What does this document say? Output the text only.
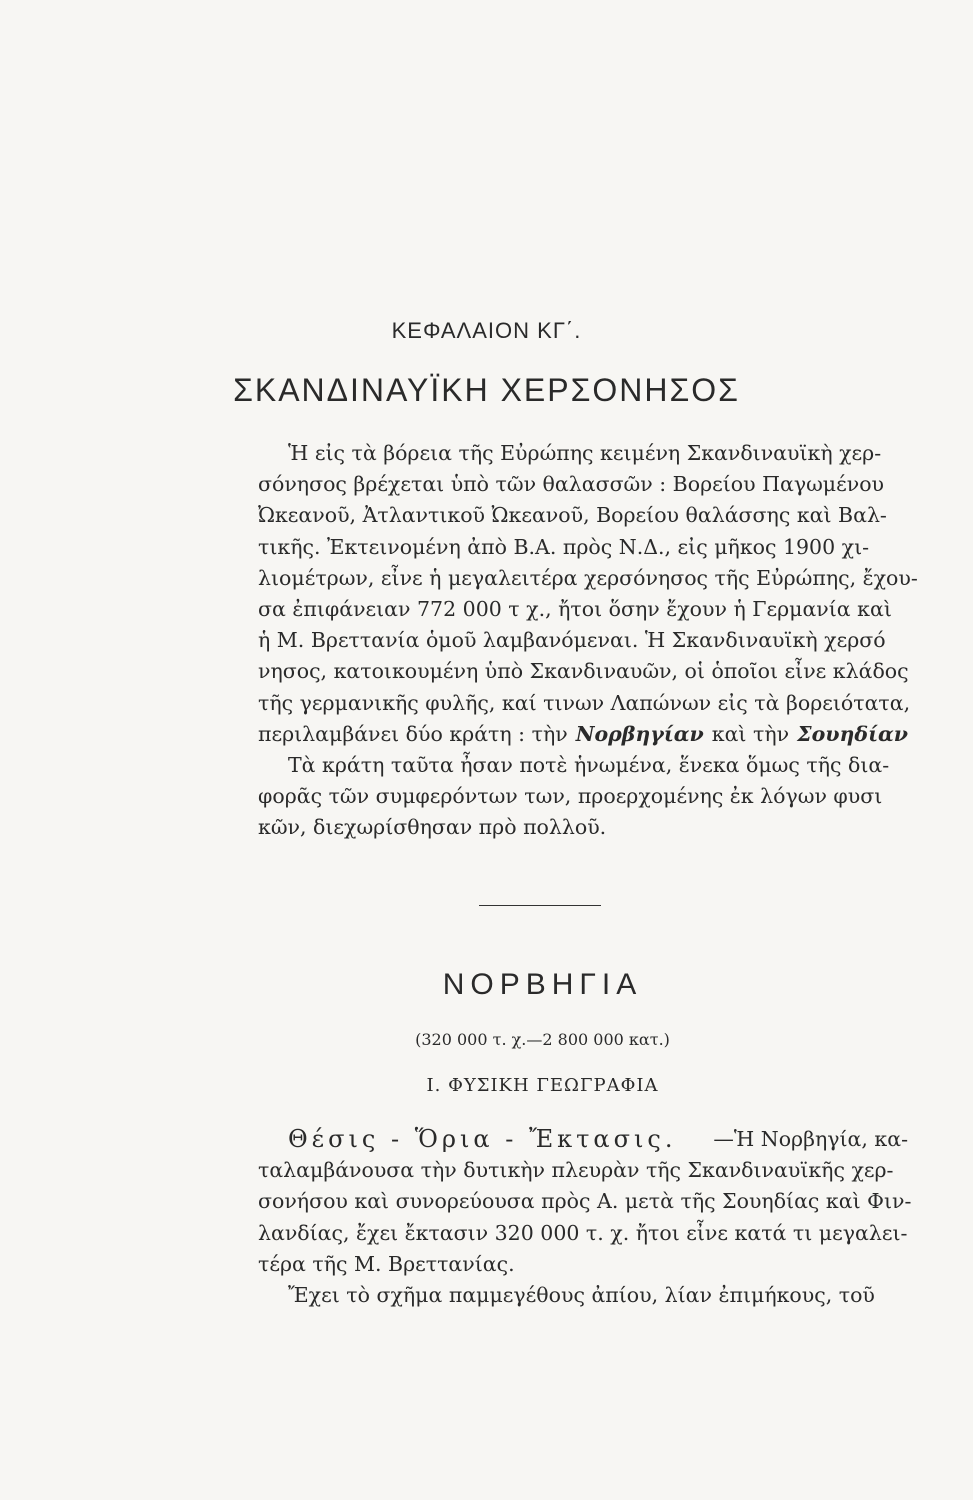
ΚΕΦΑΛΑΙΟΝ ΚΓ΄.
ΣΚΑΝΔΙΝΑΥΪΚΗ ΧΕΡΣΟΝΗΣΟΣ
Ἡ εἰς τὰ βόρεια τῆς Εὐρώπης κειμένη Σκανδιναυϊκὴ χερ-
σόνησος βρέχεται ὑπὸ τῶν θαλασσῶν : Βορείου Παγωμένου
Ὠκεανοῦ, Ἀτλαντικοῦ Ὠκεανοῦ, Βορείου θαλάσσης καὶ Βαλ-
τικῆς. Ἐκτεινομένη ἀπὸ Β.Α. πρὸς Ν.Δ., εἰς μῆκος 1900 χι-
λιομέτρων, εἶνε ἡ μεγαλειτέρα χερσόνησος τῆς Εὐρώπης, ἔχου-
σα ἐπιφάνειαν 772 000 τ χ., ἤτοι ὅσην ἔχουν ἡ Γερμανία καὶ
ἡ Μ. Βρεττανία ὁμοῦ λαμβανόμεναι. Ἡ Σκανδιναυϊκὴ χερσό
νησος, κατοικουμένη ὑπὸ Σκανδιναυῶν, οἱ ὁποῖοι εἶνε κλάδος
τῆς γερμανικῆς φυλῆς, καί τινων Λαπώνων εἰς τὰ βορειότατα,
περιλαμβάνει δύο κράτη : τὴν Νορβηγίαν καὶ τὴν Σουηδίαν
Τὰ κράτη ταῦτα ἦσαν ποτὲ ἡνωμένα, ἕνεκα ὅμως τῆς δια-
φορᾶς τῶν συμφερόντων των, προερχομένης ἐκ λόγων φυσι
κῶν, διεχωρίσθησαν πρὸ πολλοῦ.
ΝΟΡΒΗΓΙΑ
(320 000 τ. χ.—2 800 000 κατ.)
Ι. ΦΥΣΙΚΗ ΓΕΩΓΡΑΦΙΑ
Θέσις - Ὅρια - Ἔκτασις. —Ἡ Νορβηγία, κα-
ταλαμβάνουσα τὴν δυτικὴν πλευρὰν τῆς Σκανδιναυϊκῆς χερ-
σονήσου καὶ συνορεύουσα πρὸς Α. μετὰ τῆς Σουηδίας καὶ Φιν-
λανδίας, ἔχει ἔκτασιν 320 000 τ. χ. ἤτοι εἶνε κατά τι μεγαλει-
τέρα τῆς Μ. Βρεττανίας.
Ἔχει τὸ σχῆμα παμμεγέθους ἀπίου, λίαν ἐπιμήκους, τοῦ
